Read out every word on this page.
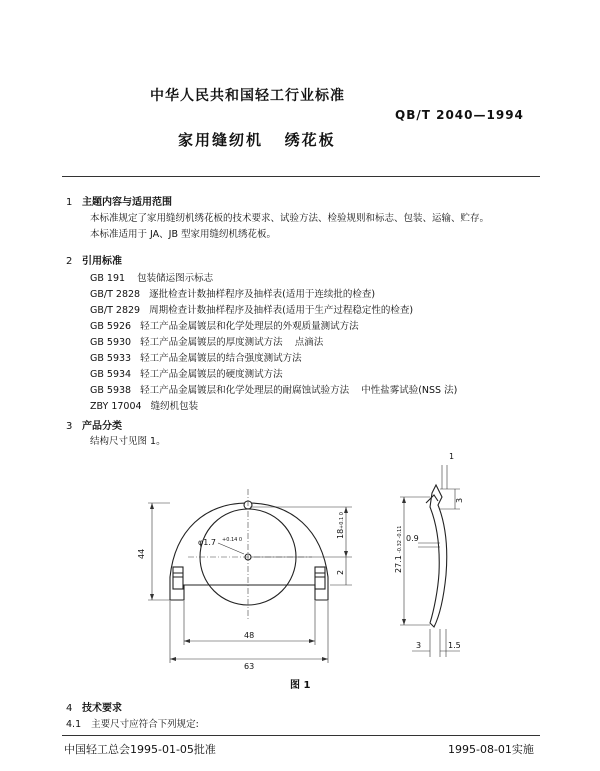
中华人民共和国轻工行业标准
QB/T 2040—1994
家用缝纫机   绣花板
1 主题内容与适用范围
本标准规定了家用缝纫机绣花板的技术要求、试验方法、检验规则和标志、包装、运输、贮存。
本标准适用于 JA、JB 型家用缝纫机绣花板。
2 引用标准
GB 191    包装储运图示标志
GB/T 2828   逐批检查计数抽样程序及抽样表(适用于连续批的检查)
GB/T 2829   周期检查计数抽样程序及抽样表(适用于生产过程稳定性的检查)
GB 5926   轻工产品金属镀层和化学处理层的外观质量测试方法
GB 5930   轻工产品金属镀层的厚度测试方法    点滴法
GB 5933   轻工产品金属镀层的结合强度测试方法
GB 5934   轻工产品金属镀层的硬度测试方法
GB 5938   轻工产品金属镀层和化学处理层的耐腐蚀试验方法    中性盐雾试验(NSS 法)
ZBY 17004   缝纫机包装
3 产品分类
结构尺寸见图 1。
44
48
63
φ1.7 +0.14 0
18
+0.1 0
2
0.9
27.1
-0.32 -0.11
1
3
3	1.5
图 1
4 技术要求
4.1 主要尺寸应符合下列规定:
中国轻工总会1995-01-05批准	1995-08-01实施
